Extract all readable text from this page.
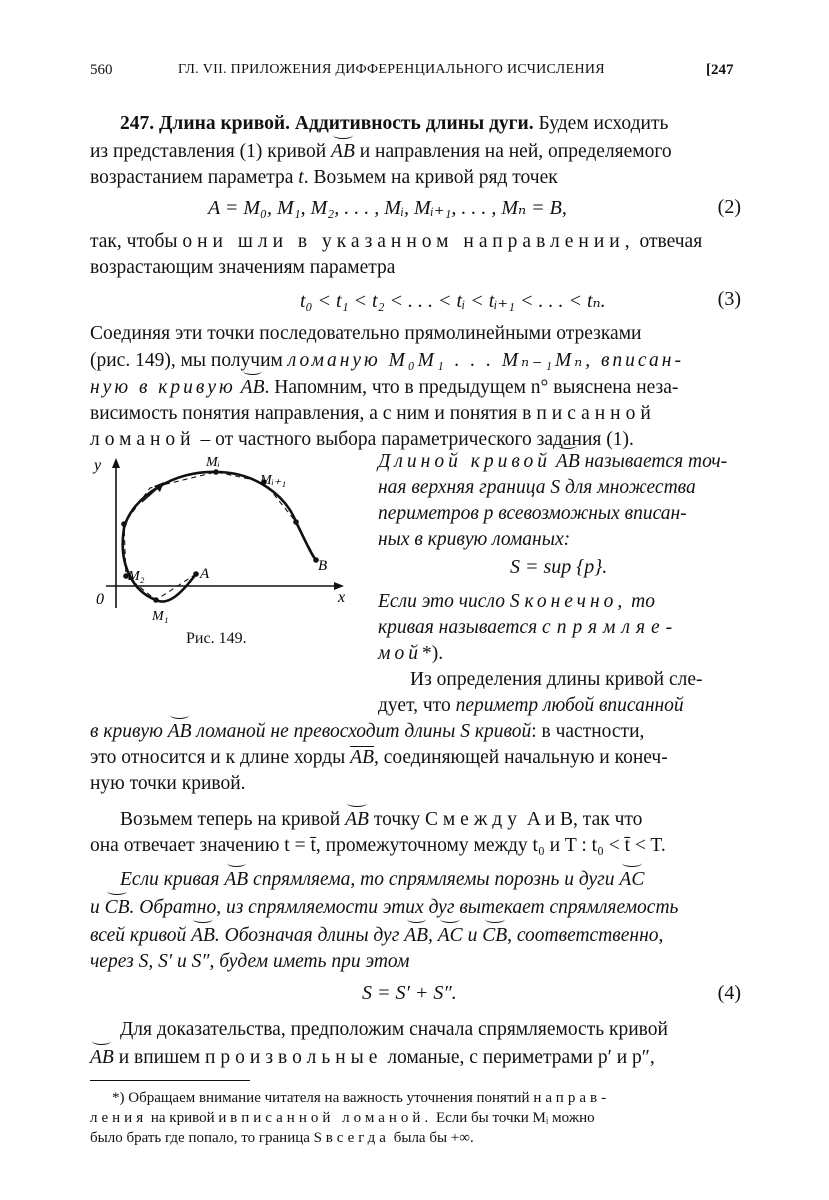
560	ГЛ. VII. ПРИЛОЖЕНИЯ ДИФФЕРЕНЦИАЛЬНОГО ИСЧИСЛЕНИЯ	[247
247. Длина кривой. Аддитивность длины дуги. Будем исходить
из представления (1) кривой AB и направления на ней, определяемого
возрастанием параметра t. Возьмем на кривой ряд точек
A = M₀, M₁, M₂, . . . , Mᵢ, Mᵢ₊₁, . . . , Mₙ = B,	(2)
так, чтобы они шли в указанном направлении, отвечая
возрастающим значениям параметра
t₀ < t₁ < t₂ < . . . < tᵢ < tᵢ₊₁ < . . . < tₙ.	(3)
Соединяя эти точки последовательно прямолинейными отрезками
(рис. 149), мы получим ломаную M₀M₁ . . . Mₙ₋₁Mₙ, вписан-
ную в кривую AB. Напомним, что в предыдущем n° выяснена неза-
висимость понятия направления, а с ним и понятия вписанной
ломаной – от частного выбора параметрического задания (1).
y
x
0
A	B
M₁
M₂
Mᵢ
Mᵢ₊₁
Рис. 149.
Длиной кривой AB называется точ-
ная верхняя граница S для множества
периметров p всевозможных вписан-
ных в кривую ломаных:
S = sup {p}.
Если это число S конечно, то
кривая называется спрямляе-
мой*).
Из определения длины кривой сле-
дует, что периметр любой вписанной
в кривую AB ломаной не превосходит длины S кривой: в частности,
это относится и к длине хорды $\overline{AB}$, соединяющей начальную и конеч-
ную точки кривой.
Возьмем теперь на кривой AB точку C между A и B, так что
она отвечает значению t = t̄, промежуточному между t₀ и T : t₀ < t̄ < T.
Если кривая AB спрямляема, то спрямляемы порознь и дуги AC
и CB. Обратно, из спрямляемости этих дуг вытекает спрямляемость
всей кривой AB. Обозначая длины дуг AB, AC и CB, соответственно,
через S, S′ и S″, будем иметь при этом
S = S′ + S″.	(4)
Для доказательства, предположим сначала спрямляемость кривой
AB и впишем произвольные ломаные, с периметрами p′ и p″,
*) Обращаем внимание читателя на важность уточнения понятий направ-
ления на кривой и вписанной ломаной. Если бы точки Mᵢ можно
было брать где попало, то граница S всегда была бы +∞.
